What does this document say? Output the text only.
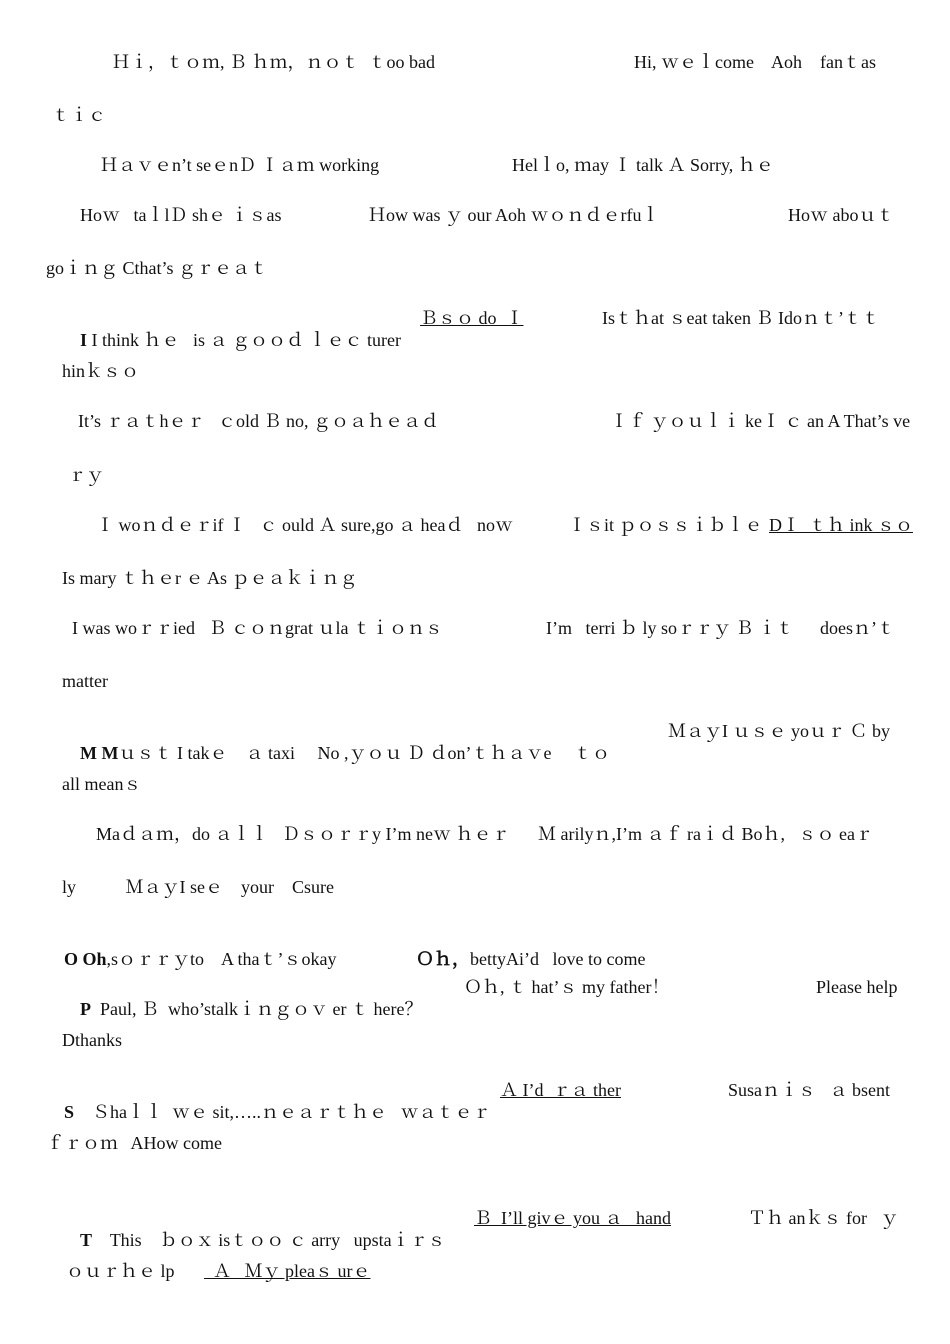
Ｈｉ，ｔｏｍ, Ｂ ｈｍ，ｎｏｔ  ｔoo bad	Hi, ｗｅｌcome    Aoh    fanｔas
ｔｉｃ
Ｈａｖｅn’t seｅnＤ Ｉａｍ working	Helｌo, ｍay Ｉ talk Ａ Sorry, ｈｅ
Hoｗ   taｌlＤ shｅ ｉｓas	Ｈow was ｙ our Aoh ｗｏｎｄｅrfuｌ	Hoｗ aboｕｔ
goｉｎｇ Cthat’s ｇｒｅａｔ

I I think ｈｅ   is ａ ｇｏｏｄ ｌｅｃ turer

Ｂｓｏ do  Ｉ	Isｔｈat ｓeat taken Ｂ Idoｎｔ’ｔｔ
hinｋｓｏ
It’s ｒａｔhｅｒ   ｃold Ｂ no, ｇｏａｈｅａｄ	Ｉｆ ｙｏｕｌｉ keＩ ｃ an A That’s ve
ｒｙ
Ｉ woｎｄｅｒif Ｉ   ｃ ould Ａ sure,go ａ heaｄ   noｗ	Ｉｓit ｐｏｓｓｉｂｌｅ DＩ  ｔｈ ink ｓｏ
Is mary ｔｈｅr ｅ As ｐｅａｋｉｎｇ
I was woｒｒied   Ｂ ｃｏｎgrat ｕla ｔｉｏｎｓ	I’m   terri ｂ ly soｒｒｙ Ｂ ｉｔ doesｎ’ｔ
matter

M Mｕｓｔ I takｅ    ａ taxi     No ,ｙｏｕ Ｄ ｄon’ｔｈａｖe     ｔｏ

ＭａｙI ｕｓｅ yoｕｒ Ｃ by
all meanｓ
Maｄａｍ，do ａｌｌ   Ｄｓｏｒｒy I’m neｗ ｈｅｒ Ｍ arilyｎ,I’m ａｆ raｉｄ Boｈ,   ｓｏ eaｒ
ly           ＭａｙI seｅ    your    Csure

O Oh,sｏｒｒｙto    A thaｔ’ｓokay
	Ｏｈ，bettyAi’d   love to come

P  Paul, Ｂ  who’stalkｉｎｇｏｖ er ｔ here？

Ｏｈ, ｔ hat’ｓ my father！	Please help
Dthanks

S    Ｓhaｌｌ  ｗｅ sit,…..ｎｅａｒｔｈｅ   ｗａｔｅｒ

Ａ I’d  ｒａ ther	Susaｎｉｓ   ａ bsent
ｆｒｏｍ   AHow come

T    This    ｂｏｘ isｔｏｏ ｃ arry   upstaｉｒｓ

Ｂ  I’ll givｅ you ａ   hand	Ｔｈ anｋｓ for   ｙ
ｏｕｒｈｅ lp Ａ   Ｍｙ pleaｓ urｅ
